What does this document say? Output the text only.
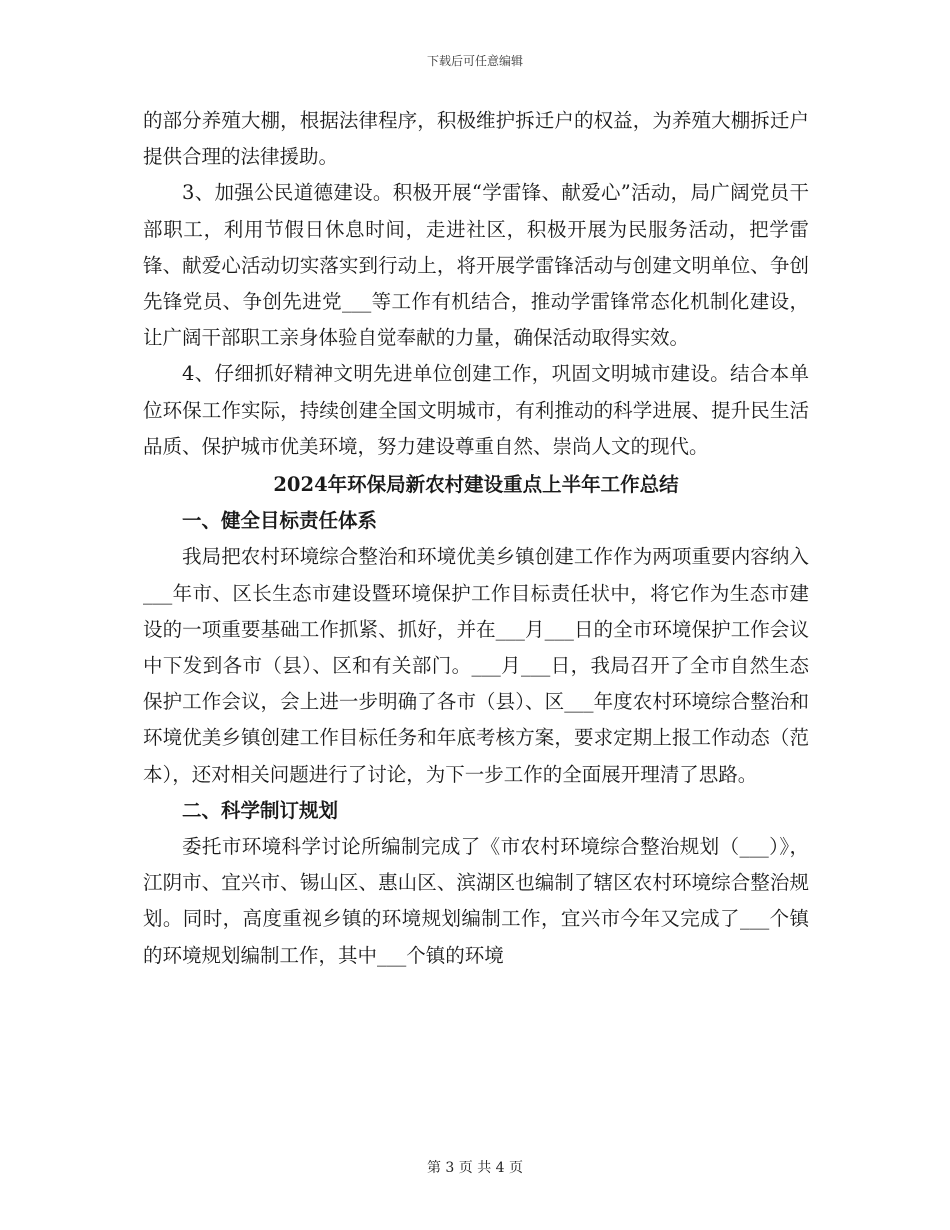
下载后可任意编辑

的部分养殖大棚，根据法律程序，积极维护拆迁户的权益，为养殖大棚拆迁户提供合理的法律援助。

3、加强公民道德建设。积极开展“学雷锋、献爱心”活动，局广阔党员干部职工，利用节假日休息时间，走进社区，积极开展为民服务活动，把学雷锋、献爱心活动切实落实到行动上，将开展学雷锋活动与创建文明单位、争创先锋党员、争创先进党___等工作有机结合，推动学雷锋常态化机制化建设，让广阔干部职工亲身体验自觉奉献的力量，确保活动取得实效。

4、仔细抓好精神文明先进单位创建工作，巩固文明城市建设。结合本单位环保工作实际，持续创建全国文明城市，有利推动的科学进展、提升民生活品质、保护城市优美环境，努力建设尊重自然、崇尚人文的现代。

2024年环保局新农村建设重点上半年工作总结

一、健全目标责任体系

我局把农村环境综合整治和环境优美乡镇创建工作作为两项重要内容纳入___年市、区长生态市建设暨环境保护工作目标责任状中，将它作为生态市建设的一项重要基础工作抓紧、抓好，并在___月___日的全市环境保护工作会议中下发到各市（县）、区和有关部门。___月___日，我局召开了全市自然生态保护工作会议，会上进一步明确了各市（县）、区___年度农村环境综合整治和环境优美乡镇创建工作目标任务和年底考核方案，要求定期上报工作动态（范本），还对相关问题进行了讨论，为下一步工作的全面展开理清了思路。

二、科学制订规划

委托市环境科学讨论所编制完成了《市农村环境综合整治规划（___）》，江阴市、宜兴市、锡山区、惠山区、滨湖区也编制了辖区农村环境综合整治规划。同时，高度重视乡镇的环境规划编制工作，宜兴市今年又完成了___个镇的环境规划编制工作，其中___个镇的环境

第 3 页 共 4 页
